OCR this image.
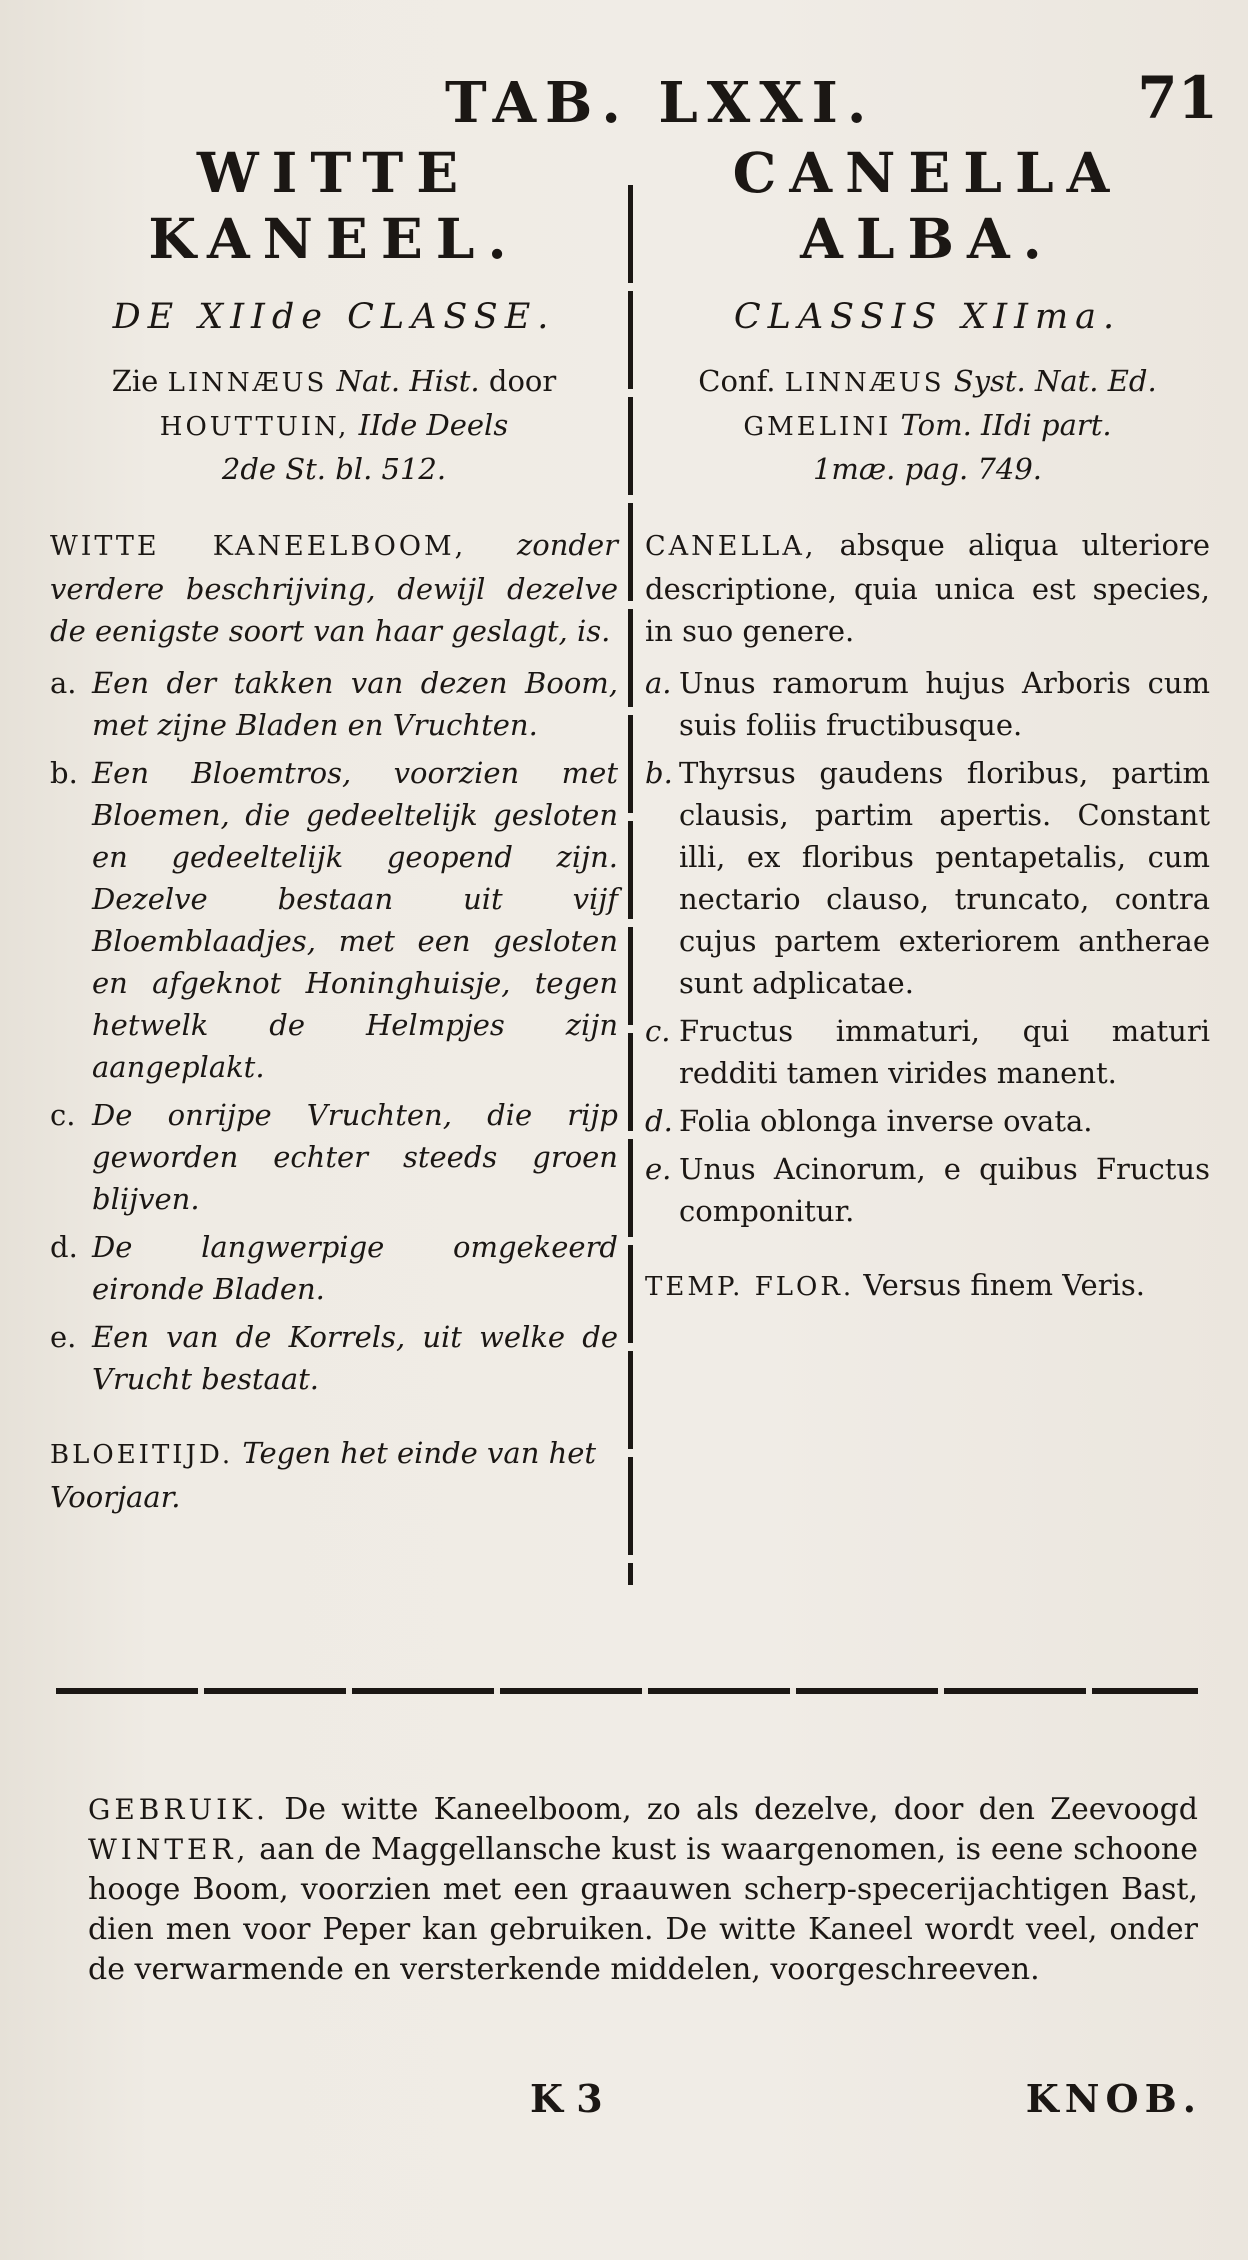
TAB. LXXI.	71
WITTE
KANEEL.
DE XIIde CLASSE.
Zie LINNÆUS Nat. Hist. door
HOUTTUIN, IIde Deels
2de St. bl. 512.
WITTE KANEELBOOM, zonder verdere beschrijving, dewijl dezelve de eenigste soort van haar geslagt, is.
a. Een der takken van dezen Boom, met zijne Bladen en Vruchten.
b. Een Bloemtros, voorzien met Bloemen, die gedeeltelijk gesloten en gedeeltelijk geopend zijn. Dezelve bestaan uit vijf Bloemblaadjes, met een gesloten en afgeknot Honinghuisje, tegen hetwelk de Helmpjes zijn aangeplakt.
c. De onrijpe Vruchten, die rijp geworden echter steeds groen blijven.
d. De langwerpige omgekeerd eironde Bladen.
e. Een van de Korrels, uit welke de Vrucht bestaat.
BLOEITIJD. Tegen het einde van het Voorjaar.
CANELLA
ALBA.
CLASSIS XIIma.
Conf. LINNÆUS Syst. Nat. Ed.
GMELINI Tom. IIdi part.
1mæ. pag. 749.
CANELLA, absque aliqua ulteriore descriptione, quia unica est species, in suo genere.
a. Unus ramorum hujus Arboris cum suis foliis fructibusque.
b. Thyrsus gaudens floribus, partim clausis, partim apertis. Constant illi, ex floribus pentapetalis, cum nectario clauso, truncato, contra cujus partem exteriorem antherae sunt adplicatae.
c. Fructus immaturi, qui maturi redditi tamen virides manent.
d. Folia oblonga inverse ovata.
e. Unus Acinorum, e quibus Fructus componitur.
TEMP. FLOR. Versus finem Veris.
GEBRUIK. De witte Kaneelboom, zo als dezelve, door den Zeevoogd WINTER, aan de Maggellansche kust is waargenomen, is eene schoone hooge Boom, voorzien met een graauwen scherp-specerijachtigen Bast, dien men voor Peper kan gebruiken. De witte Kaneel wordt veel, onder de verwarmende en versterkende middelen, voorgeschreeven.
K 3	KNOB.
